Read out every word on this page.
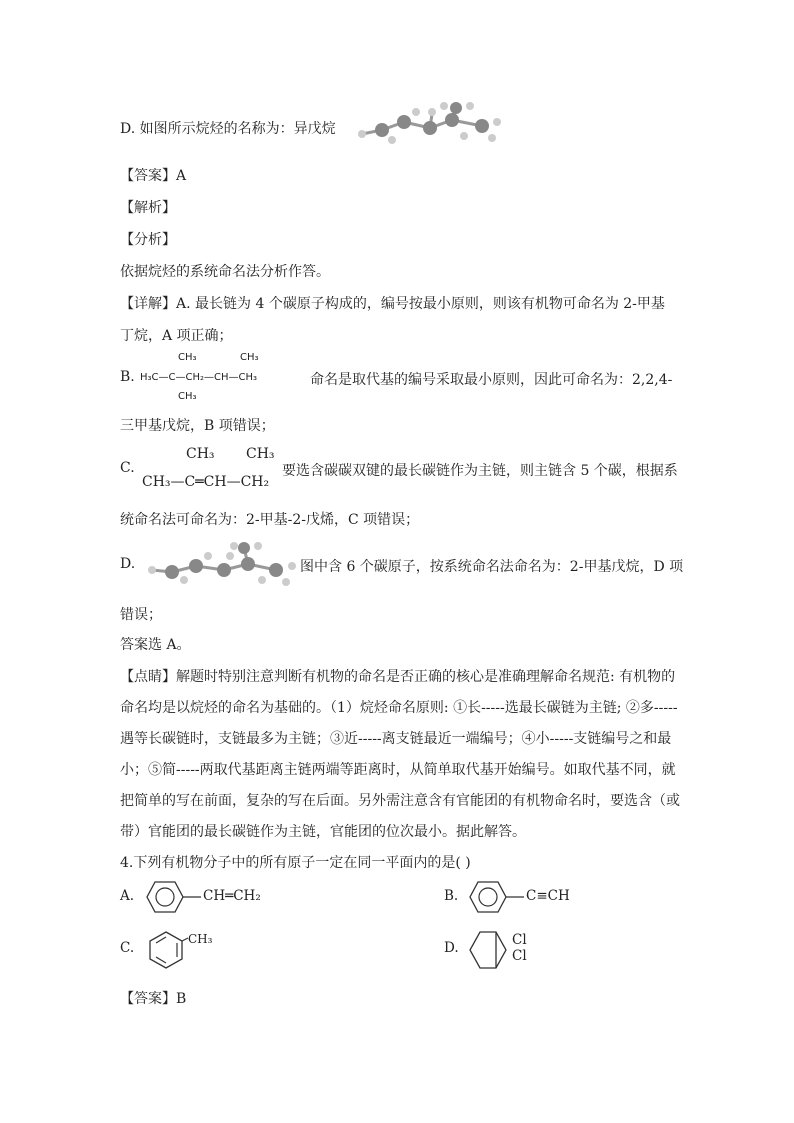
D. 如图所示烷烃的名称为：异戊烷
【答案】A
【解析】
【分析】
依据烷烃的系统命名法分析作答。
【详解】A. 最长链为 4 个碳原子构成的，编号按最小原则，则该有机物可命名为 2-甲基
丁烷，A 项正确；
B.
CH₃	CH₃
H₃C—C—CH₂—CH—CH₃
CH₃
命名是取代基的编号采取最小原则，因此可命名为：2,2,4-
三甲基戊烷，B 项错误；
C.
CH₃ CH₃
CH₃—C═CH—CH₂
要选含碳碳双键的最长碳链作为主链，则主链含 5 个碳，根据系
统命名法可命名为：2-甲基-2-戊烯，C 项错误；
D.	图中含 6 个碳原子，按系统命名法命名为：2-甲基戊烷，D 项
错误；
答案选 A。
【点睛】解题时特别注意判断有机物的命名是否正确的核心是准确理解命名规范: 有机物的
命名均是以烷烃的命名为基础的。（1）烷烃命名原则: ①长-----选最长碳链为主链; ②多-----
遇等长碳链时，支链最多为主链；③近-----离支链最近一端编号；④小-----支链编号之和最
小；⑤简-----两取代基距离主链两端等距离时，从简单取代基开始编号。如取代基不同，就
把简单的写在前面，复杂的写在后面。另外需注意含有官能团的有机物命名时，要选含（或
带）官能团的最长碳链作为主链，官能团的位次最小。据此解答。
4.下列有机物分子中的所有原子一定在同一平面内的是( )
A.	CH═CH₂	B.	C≡CH
C.
CH₃
D.	Cl
Cl
【答案】B
